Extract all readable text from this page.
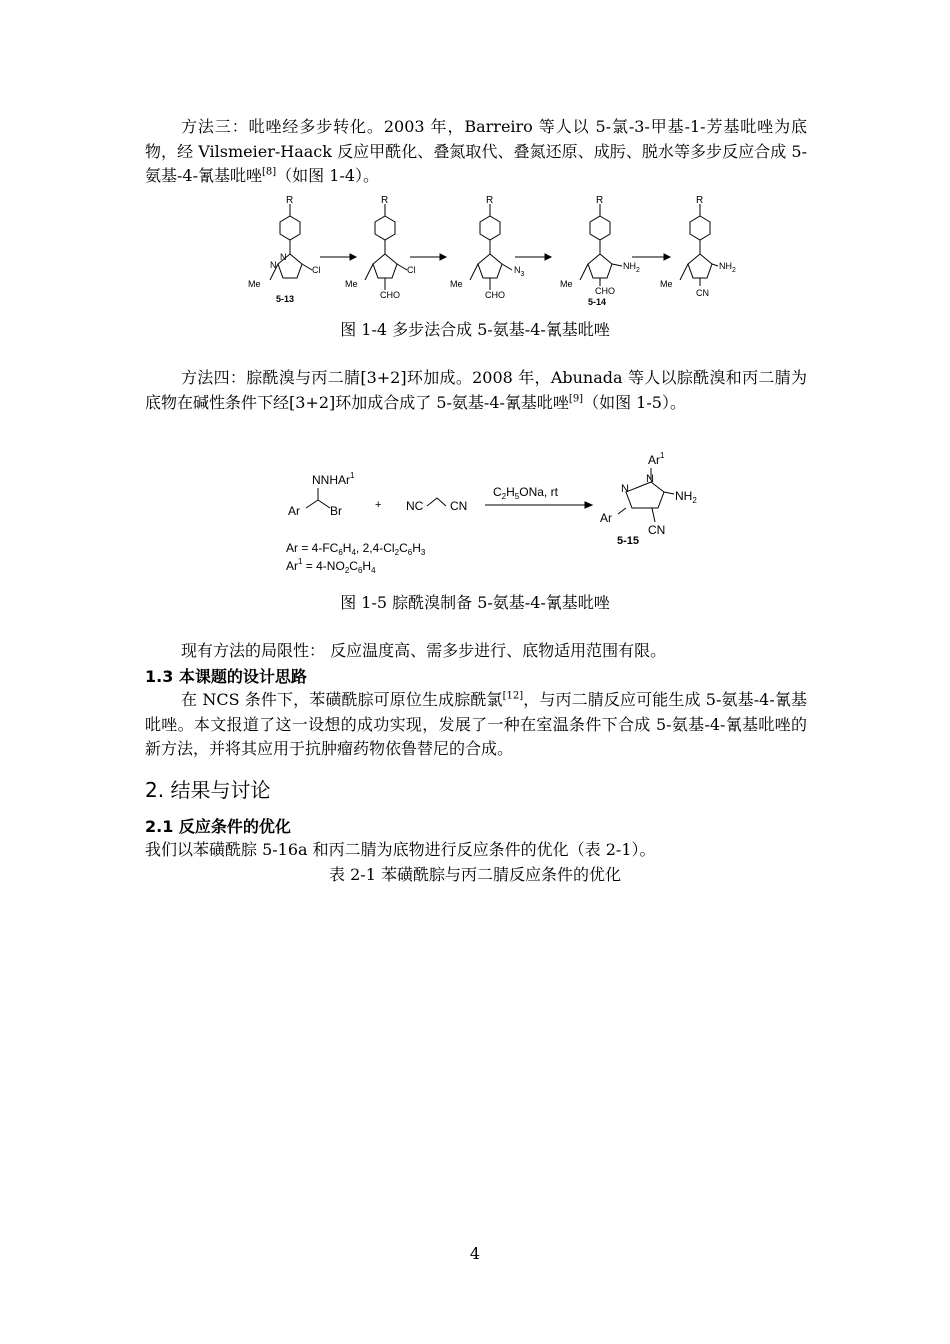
方法三：吡唑经多步转化。2003 年，Barreiro 等人以 5-氯-3-甲基-1-芳基吡唑为底物，经 Vilsmeier-Haack 反应甲酰化、叠氮取代、叠氮还原、成肟、脱水等多步反应合成 5-氨基-4-氰基吡唑[8]（如图 1-4）。

R
N
N	Cl
Me
5-13
R
Cl
Me
CHO
R
$N_3$
Me
CHO
R
$NH_2$
Me
CHO
5-14
R
$NH_2$
Me
CN
图 1-4 多步法合成 5-氨基-4-氰基吡唑

方法四：腙酰溴与丙二腈[3+2]环加成。2008 年，Abunada 等人以腙酰溴和丙二腈为底物在碱性条件下经[3+2]环加成合成了 5-氨基-4-氰基吡唑[9]（如图 1-5）。

NNHAr$^1$
Ar	Br	+ NC CN
$C_2H_5ONa$, rt
Ar$^1$
N
N
$NH_2$
Ar
CN
5-15
$Ar = 4-FC_6H_4$, $2,4-Cl_2C_6H_3$
$Ar^1 = 4-NO_2C_6H_4$
图 1-5 腙酰溴制备 5-氨基-4-氰基吡唑

现有方法的局限性： 反应温度高、需多步进行、底物适用范围有限。

1.3 本课题的设计思路

在 NCS 条件下，苯磺酰腙可原位生成腙酰氯[12]，与丙二腈反应可能生成 5-氨基-4-氰基吡唑。本文报道了这一设想的成功实现，发展了一种在室温条件下合成 5-氨基-4-氰基吡唑的新方法，并将其应用于抗肿瘤药物依鲁替尼的合成。

2. 结果与讨论
2.1 反应条件的优化

我们以苯磺酰腙 5-16a 和丙二腈为底物进行反应条件的优化（表 2-1）。

表 2-1 苯磺酰腙与丙二腈反应条件的优化
4
